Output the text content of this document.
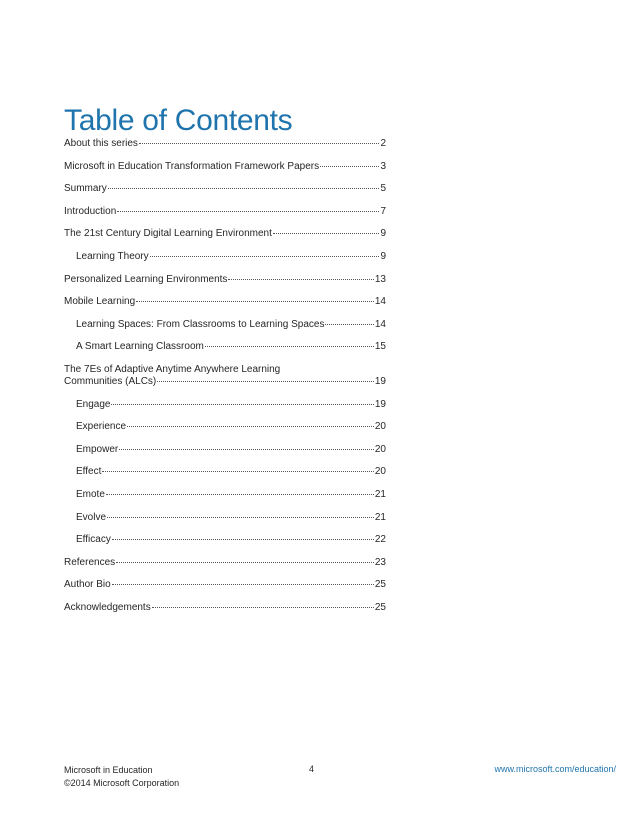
Table of Contents
About this series	2
Microsoft in Education Transformation Framework Papers	3
Summary	5
Introduction	7
The 21st Century Digital Learning Environment	9
Learning Theory	9
Personalized Learning Environments	13
Mobile Learning	14
Learning Spaces: From Classrooms to Learning Spaces	14
A Smart Learning Classroom	15
The 7Es of Adaptive Anytime Anywhere Learning
Communities (ALCs)	19
Engage	19
Experience	20
Empower	20
Effect	20
Emote	21
Evolve	21
Efficacy	22
References	23
Author Bio	25
Acknowledgements	25
Microsoft in Education
©2014 Microsoft Corporation
4	www.microsoft.com/education/
